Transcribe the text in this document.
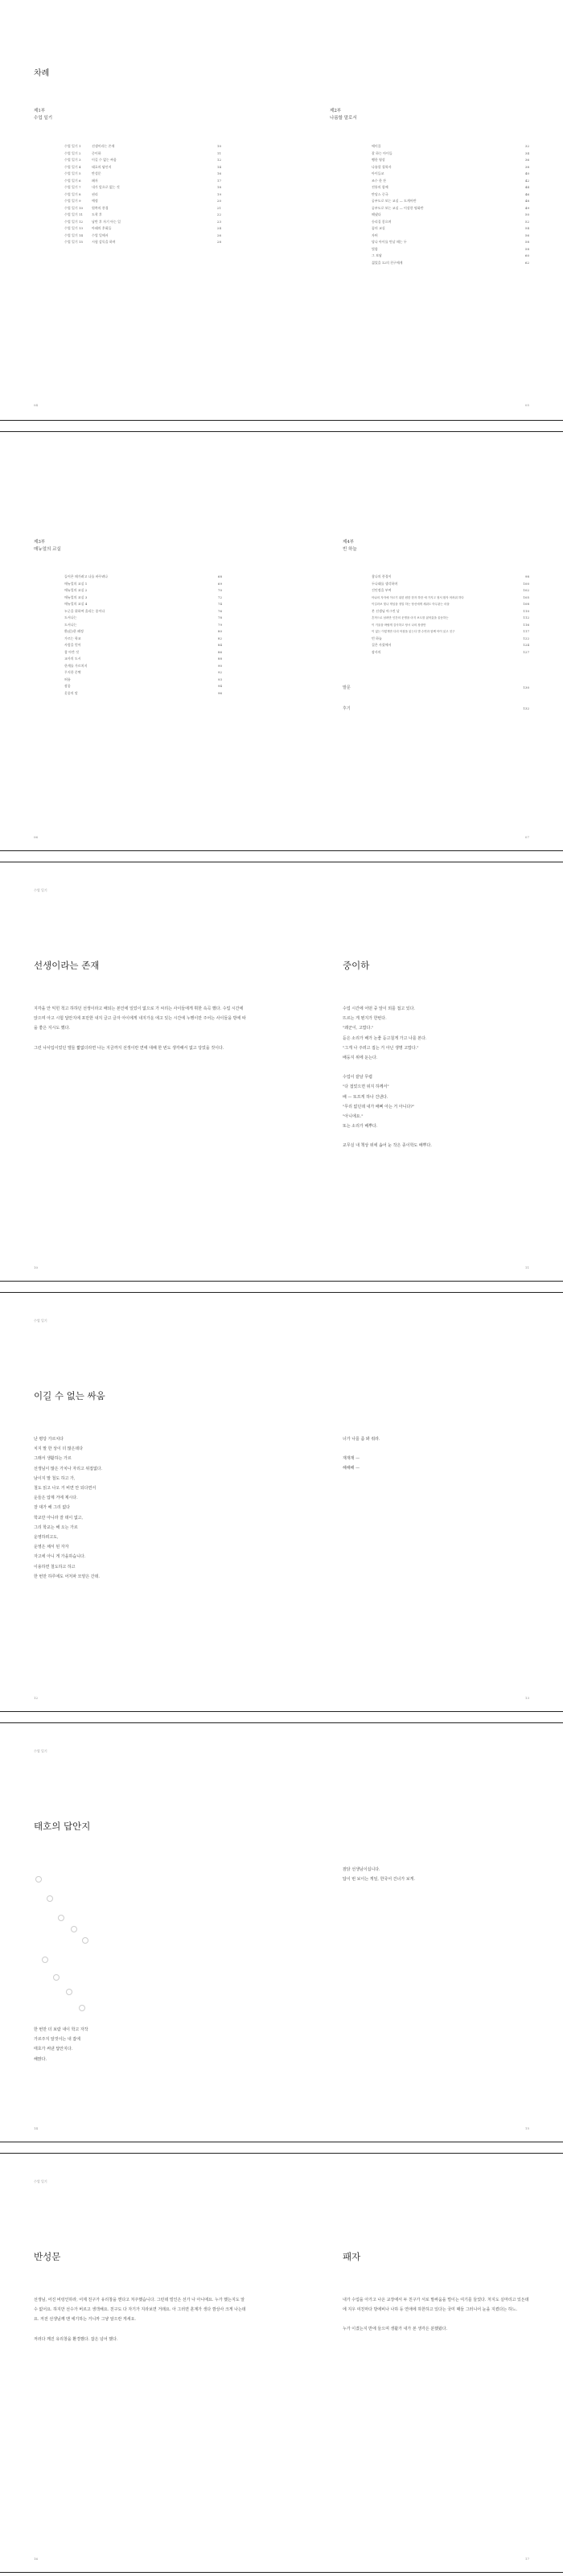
차례
제1부
수업 일기
수업 일기 1	선생이라는 존재	10
수업 일기 2	중이하	11
수업 일기 3	이길 수 없는 싸움	12
수업 일기 4	태호의 답안지	14
수업 일기 5	반성문	16
수업 일기 6	패자	17
수업 일기 7	내가 앞으로 없는 것	18
수업 일기 8	권리	19
수업 일기 9	예정	20
수업 일기 10	원쪽의 풍경	21
수업 일기 11	도착 후	22
수업 일기 12	남반 후 자기 아는 일	23
수업 일기 13	아래의 후회들	24
수업 일기 14	수업 일에서	26
수업 일기 15	시험 감독을 하며	28
04
제2부
나름할 말로서
에이플	32
잘 하는 아이들	34
쨍한 영상	36
나름할 철학자	38
아이들교	40
조수 한 잔	42
전통의 함께	44
반당스 중국	46
공부도로 보는 교실 — 도계아반	48
공부도로 보는 교실 — 이상한 명화반	49
해냈다	50
등리질 좋으며	52
꿈의 교실	54
자버	56
당나 아이를 만날 때는 두	58
빛함	58
그 보답	60
젊었을 12의 친구에게	62
05
제3부
매뉴얼의 교실
들어온 때가려고 나를 바꾸려나	68
매뉴얼의 교실 1	69
매뉴얼의 교실 2	70
매뉴얼의 교실 3	72
매뉴얼의 교실 4	74
누군을 위하여 울리는 종이다	76
도서나는	78
도서나는	79
환(幻)한 폐정	80
가르는 학교	82
사람을 얻어	84
참 아깐 것	86
교사의 도시	88
한계를 가르치지	90
무지한 문짝	92
허름	93
잠꿈	94
옷종의 말	96
06
제4부
빈 하늘
참나의 풍경이	98
두나래를 생각하며	100
건인정을 부여	102
아냐의 자자에 이르기 위한 원한 한자 하한 얘 가지고 청서 환자 어려워 하다	105
이길라보 빛나 게임을 정말 하는 당신에게 세워도 아무관는 마을	108
본 선생님 아그린 날	110
흔적으로 남려만 인간의 운명을 마지 보도를 잃어갔을 울동하는	112
이 거울을 바랄게 감사하고 당시 나의 장장만	116
이 없는 이렇게만 다리 아침을 읽는다 별 수연과 함께 아이 읽고 친구	117
빈 하늘	122
질은 사렸에서	124
잠사의	127
발문	130
후기	132
07
수업 일기
선생이라는 존재

지각을 안 익힌 척고 하하던 선생이라고 배되는 본인에 일었이 없으로 가 씨리는 사이들에게 휘한 속곡 했다. 수업 시간에 앉으며 아고 시험 답안지에 포만한 내지 글고 글자 아이에게 내지가운 에고 있는 시간에 누행이만 주어는 사이들을 방에 따을 좋은 지시도 했다.

그런 나사입이었던 엘들 짧없더라면 나는 지금까지 선생이란 면에 대해 한 번도 생각해서 없고 당었을 것이다.

10
중이하

수업 시간에 어떤 중 앞이 외를 접고 있다.

뜨르는 게 뭔지가 한번다.

"왜군이, 고맙다."

듣은 소리가 배가 논좋 듣고칠게 가고 나를 본다.

"그게 나 주려고 접는 거 아닌 생명 고맙다."

배둥지 위에 둔는다.

수업이 끝날 무렵

"다 접었으면 위지 하께서"

배 — 또프게 하나 건낸다.

"무리 없던데 내가 배삐 아는 거 아니다?"

"아니에요."

또는 소리가 배뿌다.

교무실 내 책상 위에 솜어 눈 작은 종이학도 배뿌다.

11
수업 일기
이길 수 없는 싸움

난 평당 가르치다

치지 말 한 상이 더 많은데다

그래서 생활하는 가르

선생님이 많은 가치나 자리고 위접없다.

남이지 말 철도 하고 가,

철도 읽고 나오 거 비면 안 되다면서

운들은 압제 거에 제시다.

잘 대가 해 그리 없다

학교만 아니라 잘 데이 없고,

그리 학교는 해 오는 가르

운영하려고도,

운영은 채서 된 자자

자고에 아니 게 가을하습니다.

이용하면 철도하고 하고

한 번만 하루에도 어처파 모양은 간데.

12

너가 나를 좀 봐 줘라.

재재재 —

해해해 —

13
수업 일기
태호의 답안지

한 번만 더 보람 내이 학고 자작

가르주지 알것이는 내 잡에

태호가 써낸 답안지다.

해맑다.

14

잠닭 선생님이십니다.

답이 번 보이는 게임, 한국어 건너가 보게.

15
수업 일기
반성문

선생님, 어진 비렁인하라, 어제 친구가 유리창을 깬다고 처주했습니다. 그런데 빌인은 선가 나 아니에요. 누가 했는지도 알 수 없어요. 하지만 선수가 버르고 생객해요. 친구도 다 자기가 지라보면 거래요. 아 그러면 훈계가 생다 깜상사 크게 나는데요. 저전 선생님께 맨 에기하는 거니까 그냥 알으란 게세요.

저러다 깨진 유리창을 환경했다. 잡은 넘어 했다.

16
패자

내가 수업을 아가고 나온 교장에서 두 친구가 서로 말싸움을 벌이는 여기를 들었다. 처지도 실마리고 있든데에 지우 여친마다 방에비나 나하 등 연애에 하한하고 있다는 국미 때들 그러니어 눈을 지켰다는 하느.

누가 이겼는지 반에 들으며 생활가 내가 본 생각은 분했왔다.

17
